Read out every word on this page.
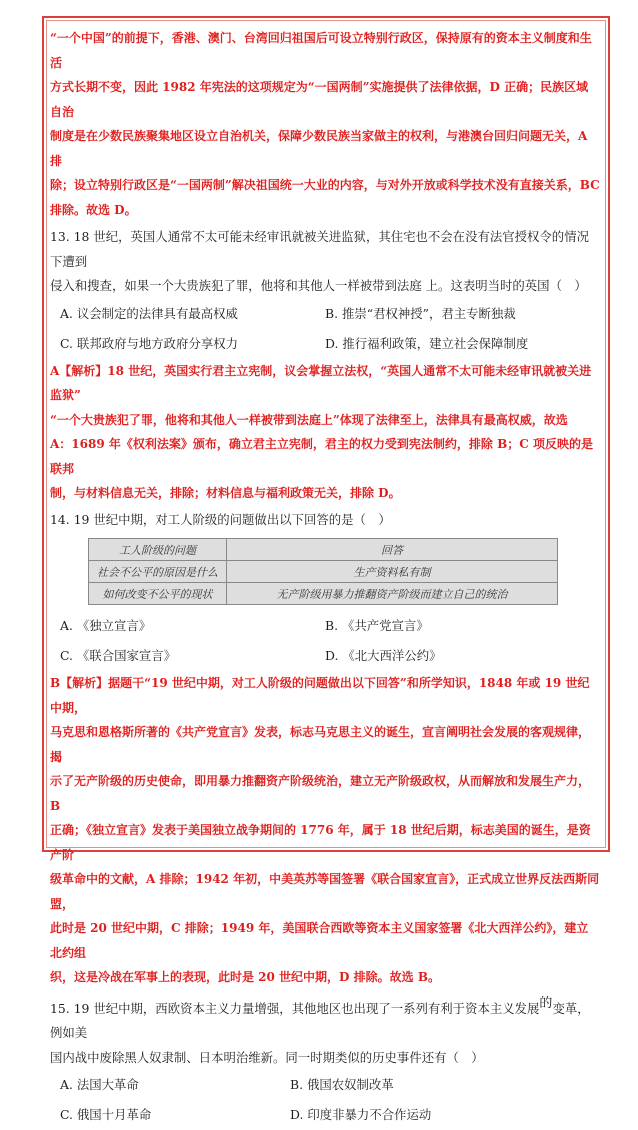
“一个中国”的前提下，香港、澳门、台湾回归祖国后可设立特别行政区，保持原有的资本主义制度和生活
方式长期不变，因此 1982 年宪法的这项规定为“一国两制”实施提供了法律依据，D 正确；民族区域自治
制度是在少数民族聚集地区设立自治机关，保障少数民族当家做主的权利，与港澳台回归问题无关，A 排
除；设立特别行政区是“一国两制”解决祖国统一大业的内容，与对外开放或科学技术没有直接关系，BC
排除。故选 D。
13. 18 世纪，英国人通常不太可能未经审讯就被关进监狱，其住宅也不会在没有法官授权令的情况下遭到
侵入和搜查，如果一个大贵族犯了罪，他将和其他人一样被带到法庭 上。这表明当时的英国（　）
A. 议会制定的法律具有最高权威	B. 推崇“君权神授”，君主专断独裁
C. 联邦政府与地方政府分享权力	D. 推行福利政策，建立社会保障制度
A【解析】18 世纪，英国实行君主立宪制，议会掌握立法权，“英国人通常不太可能未经审讯就被关进监狱”
“一个大贵族犯了罪，他将和其他人一样被带到法庭上”体现了法律至上，法律具有最高权威，故选
A：1689 年《权利法案》颁布，确立君主立宪制，君主的权力受到宪法制约，排除 B；C 项反映的是联邦
制，与材料信息无关，排除；材料信息与福利政策无关，排除 D。
14. 19 世纪中期，对工人阶级的问题做出以下回答的是（　）
工人阶级的问题	回答
社会不公平的原因是什么	生产资料私有制
如何改变不公平的现状	无产阶级用暴力推翻资产阶级而建立自己的统治
A. 《独立宣言》	B. 《共产党宣言》
C. 《联合国家宣言》	D. 《北大西洋公约》
B【解析】据题干“19 世纪中期，对工人阶级的问题做出以下回答”和所学知识，1848 年或 19 世纪中期，
马克思和恩格斯所著的《共产党宣言》发表，标志马克思主义的诞生，宣言阐明社会发展的客观规律，揭
示了无产阶级的历史使命，即用暴力推翻资产阶级统治，建立无产阶级政权，从而解放和发展生产力，B
正确；《独立宣言》发表于美国独立战争期间的 1776 年，属于 18 世纪后期，标志美国的诞生，是资产阶
级革命中的文献，A 排除；1942 年初，中美英苏等国签署《联合国家宣言》，正式成立世界反法西斯同盟，
此时是 20 世纪中期，C 排除；1949 年，美国联合西欧等资本主义国家签署《北大西洋公约》，建立北约组
织，这是冷战在军事上的表现，此时是 20 世纪中期，D 排除。故选 B。
15. 19 世纪中期，西欧资本主义力量增强，其他地区也出现了一系列有利于资本主义发展的变革，例如美
国内战中废除黑人奴隶制、日本明治维新。同一时期类似的历史事件还有（　）
A. 法国大革命	B. 俄国农奴制改革
C. 俄国十月革命	D. 印度非暴力不合作运动
